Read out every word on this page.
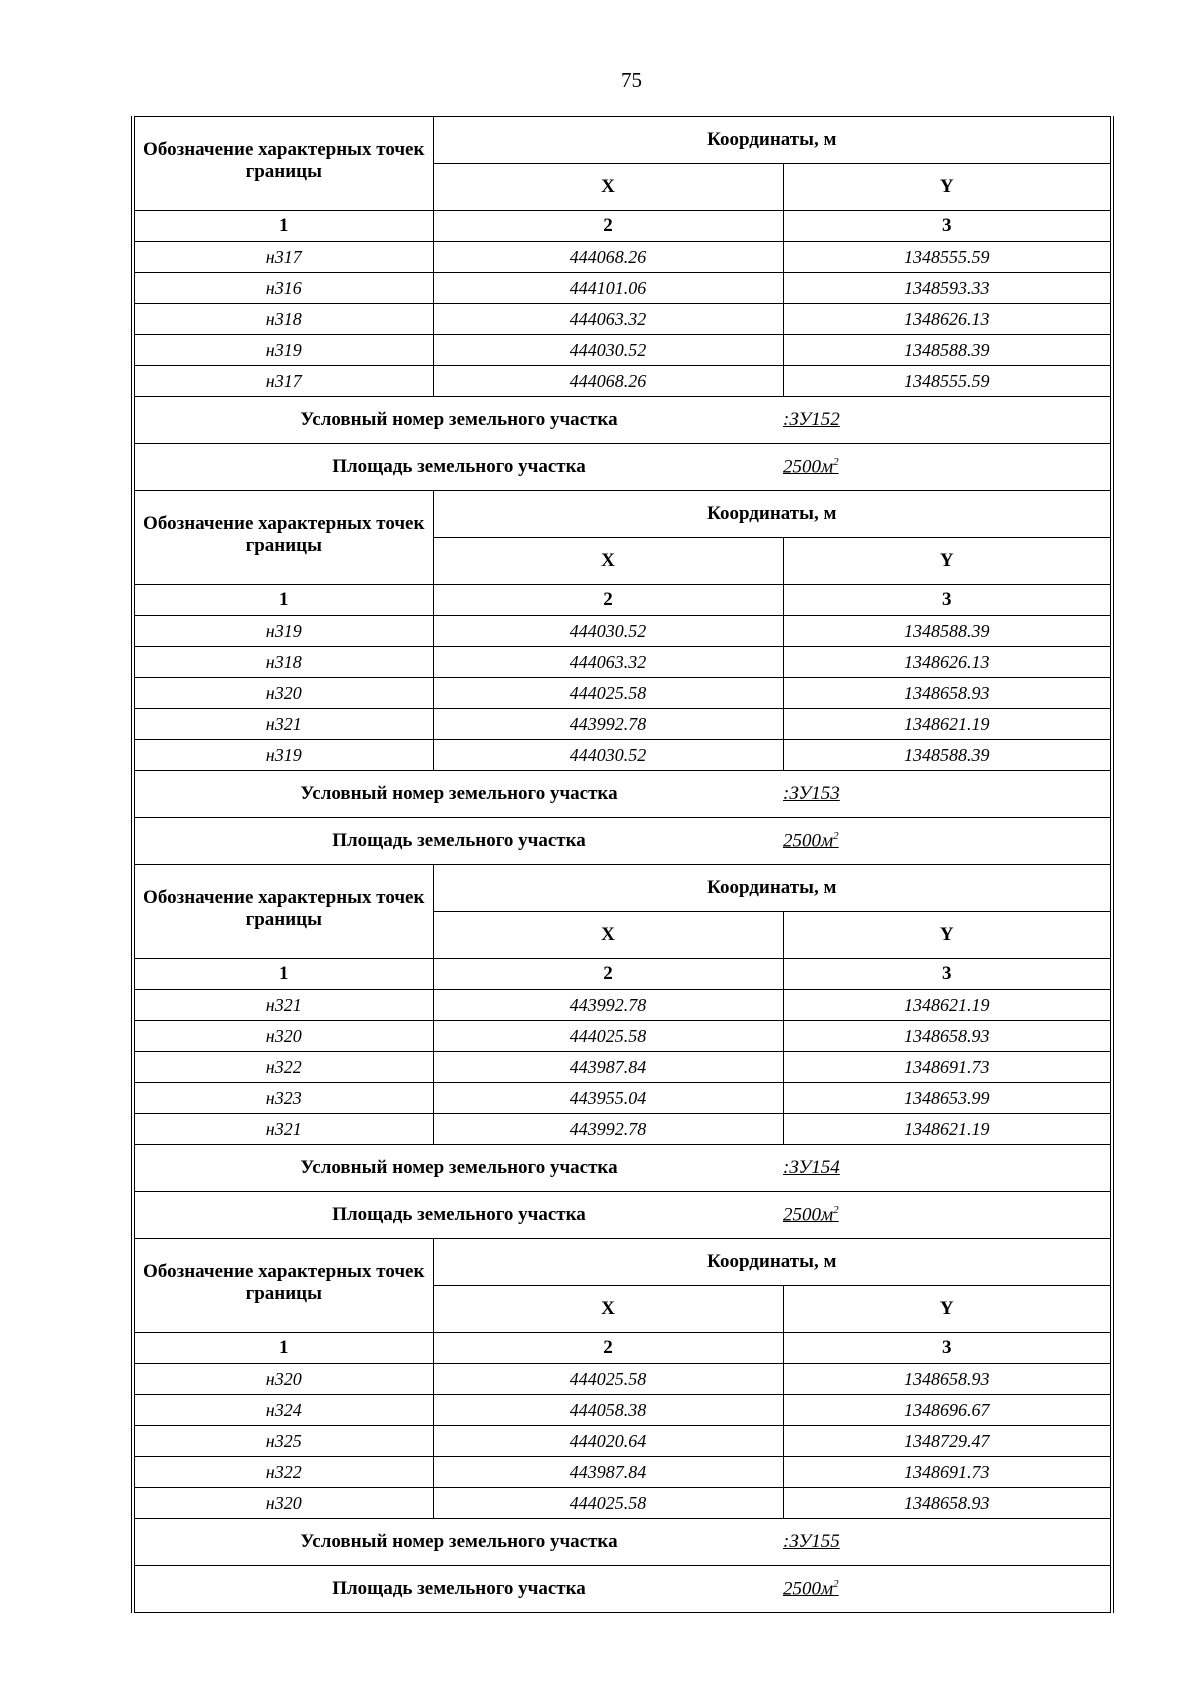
75
Обозначение характерных точек границы	Координаты, м	
	X	Y
1	2	3
н317	444068.26	1348555.59
н316	444101.06	1348593.33
н318	444063.32	1348626.13
н319	444030.52	1348588.39
н317	444068.26	1348555.59
Условный номер земельного участка		:ЗУ152
Площадь земельного участка		$2500м^2$
Обозначение характерных точек границы	Координаты, м	
	X	Y
1	2	3
н319	444030.52	1348588.39
н318	444063.32	1348626.13
н320	444025.58	1348658.93
н321	443992.78	1348621.19
н319	444030.52	1348588.39
Условный номер земельного участка		:ЗУ153
Площадь земельного участка		$2500м^2$
Обозначение характерных точек границы	Координаты, м	
	X	Y
1	2	3
н321	443992.78	1348621.19
н320	444025.58	1348658.93
н322	443987.84	1348691.73
н323	443955.04	1348653.99
н321	443992.78	1348621.19
Условный номер земельного участка		:ЗУ154
Площадь земельного участка		$2500м^2$
Обозначение характерных точек границы	Координаты, м	
	X	Y
1	2	3
н320	444025.58	1348658.93
н324	444058.38	1348696.67
н325	444020.64	1348729.47
н322	443987.84	1348691.73
н320	444025.58	1348658.93
Условный номер земельного участка		:ЗУ155
Площадь земельного участка		$2500м^2$
